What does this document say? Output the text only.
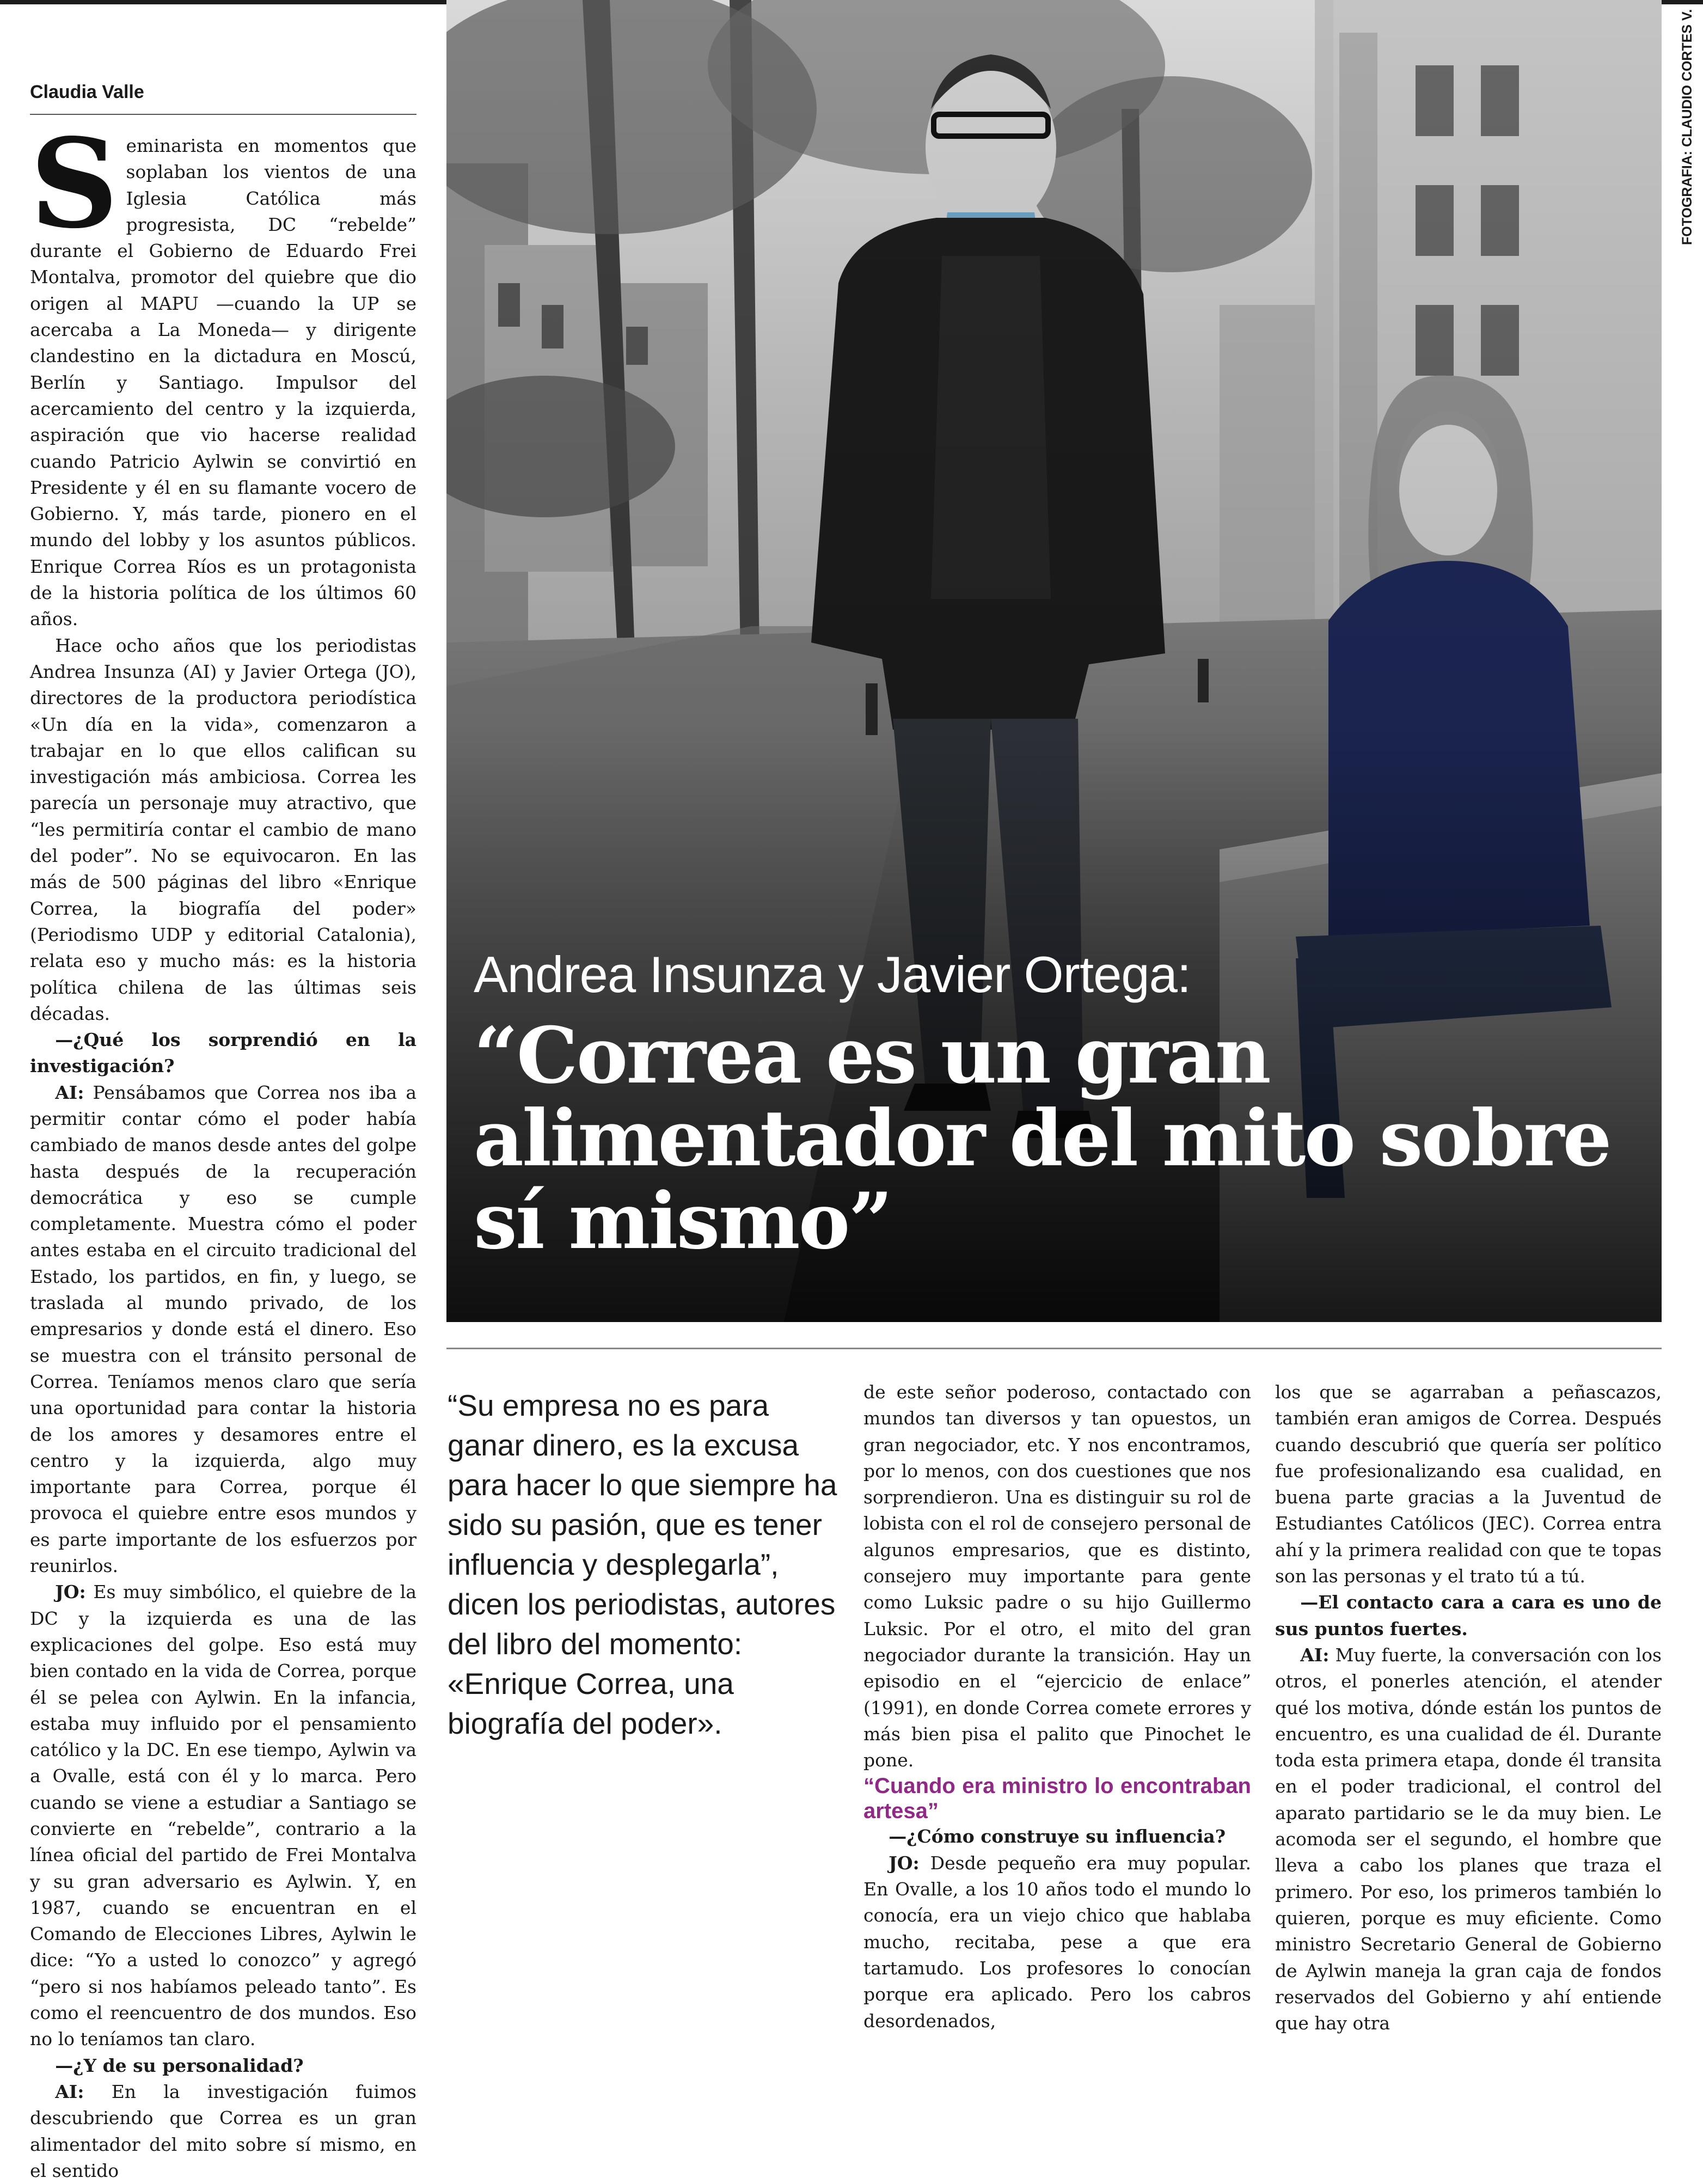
Claudia Valle

Seminarista en momentos que soplaban los vientos de una Iglesia Católica más progresista, DC “rebelde” durante el Gobierno de Eduardo Frei Montalva, promotor del quiebre que dio origen al MAPU —cuando la UP se acercaba a La Moneda— y dirigente clandestino en la dictadura en Moscú, Berlín y Santiago. Impulsor del acercamiento del centro y la izquierda, aspiración que vio hacerse realidad cuando Patricio Aylwin se convirtió en Presidente y él en su flamante vocero de Gobierno. Y, más tarde, pionero en el mundo del lobby y los asuntos públicos. Enrique Correa Ríos es un protagonista de la historia política de los últimos 60 años.

Hace ocho años que los periodistas Andrea Insunza (AI) y Javier Ortega (JO), directores de la productora periodística «Un día en la vida», comenzaron a trabajar en lo que ellos califican su investigación más ambiciosa. Correa les parecía un personaje muy atractivo, que “les permitiría contar el cambio de mano del poder”. No se equivocaron. En las más de 500 páginas del libro «Enrique Correa, la biografía del poder» (Periodismo UDP y editorial Catalonia), relata eso y mucho más: es la historia política chilena de las últimas seis décadas.

—¿Qué los sorprendió en la investigación?

AI: Pensábamos que Correa nos iba a permitir contar cómo el poder había cambiado de manos desde antes del golpe hasta después de la recuperación democrática y eso se cumple completamente. Muestra cómo el poder antes estaba en el circuito tradicional del Estado, los partidos, en fin, y luego, se traslada al mundo privado, de los empresarios y donde está el dinero. Eso se muestra con el tránsito personal de Correa. Teníamos menos claro que sería una oportunidad para contar la historia de los amores y desamores entre el centro y la izquierda, algo muy importante para Correa, porque él provoca el quiebre entre esos mundos y es parte importante de los esfuerzos por reunirlos.

JO: Es muy simbólico, el quiebre de la DC y la izquierda es una de las explicaciones del golpe. Eso está muy bien contado en la vida de Correa, porque él se pelea con Aylwin. En la infancia, estaba muy influido por el pensamiento católico y la DC. En ese tiempo, Aylwin va a Ovalle, está con él y lo marca. Pero cuando se viene a estudiar a Santiago se convierte en “rebelde”, contrario a la línea oficial del partido de Frei Montalva y su gran adversario es Aylwin. Y, en 1987, cuando se encuentran en el Comando de Elecciones Libres, Aylwin le dice: “Yo a usted lo conozco” y agregó “pero si nos habíamos peleado tanto”. Es como el reencuentro de dos mundos. Eso no lo teníamos tan claro.

—¿Y de su personalidad?

AI: En la investigación fuimos descubriendo que Correa es un gran alimentador del mito sobre sí mismo, en el sentido

FOTOGRAFIA: CLAUDIO CORTES V.
Andrea Insunza y Javier Ortega:
“Correa es un gran alimentador del mito sobre sí mismo”
“Su empresa no es para ganar dinero, es la excusa para hacer lo que siempre ha sido su pasión, que es tener influencia y desplegarla”, dicen los periodistas, autores del libro del momento: «Enrique Correa, una biografía del poder».

de este señor poderoso, contactado con mundos tan diversos y tan opuestos, un gran negociador, etc. Y nos encontramos, por lo menos, con dos cuestiones que nos sorprendieron. Una es distinguir su rol de lobista con el rol de consejero personal de algunos empresarios, que es distinto, consejero muy importante para gente como Luksic padre o su hijo Guillermo Luksic. Por el otro, el mito del gran negociador durante la transición. Hay un episodio en el “ejercicio de enlace” (1991), en donde Correa comete errores y más bien pisa el palito que Pinochet le pone.

“Cuando era ministro lo encontraban artesa”

—¿Cómo construye su influencia?

JO: Desde pequeño era muy popular. En Ovalle, a los 10 años todo el mundo lo conocía, era un viejo chico que hablaba mucho, recitaba, pese a que era tartamudo. Los profesores lo conocían porque era aplicado. Pero los cabros desordenados,

los que se agarraban a peñascazos, también eran amigos de Correa. Después cuando descubrió que quería ser político fue profesionalizando esa cualidad, en buena parte gracias a la Juventud de Estudiantes Católicos (JEC). Correa entra ahí y la primera realidad con que te topas son las personas y el trato tú a tú.

—El contacto cara a cara es uno de sus puntos fuertes.

AI: Muy fuerte, la conversación con los otros, el ponerles atención, el atender qué los motiva, dónde están los puntos de encuentro, es una cualidad de él. Durante toda esta primera etapa, donde él transita en el poder tradicional, el control del aparato partidario se le da muy bien. Le acomoda ser el segundo, el hombre que lleva a cabo los planes que traza el primero. Por eso, los primeros también lo quieren, porque es muy eficiente. Como ministro Secretario General de Gobierno de Aylwin maneja la gran caja de fondos reservados del Gobierno y ahí entiende que hay otra
